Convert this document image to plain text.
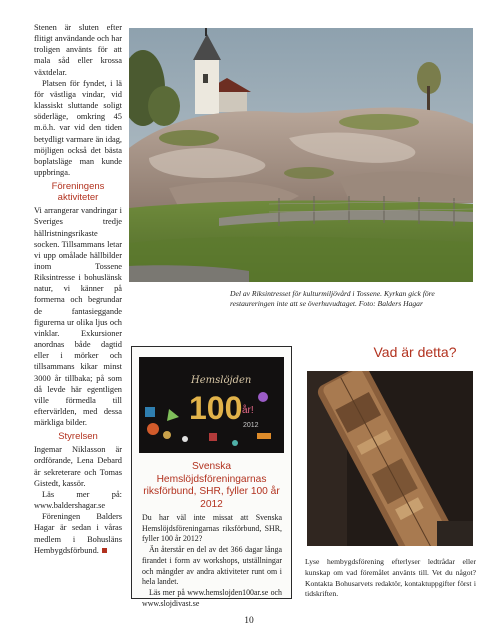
Stenen är sluten efter flitigt användande och har troligen använts för att mala såd eller krossa växtdelar.

Platsen för fyndet, i lä för västliga vindar, vid klassiskt sluttande soligt söderläge, omkring 45 m.ö.h. var vid den tiden betydligt varmare än idag, möjligen också det bästa boplatsläge man kunde uppbringa.

Föreningens aktiviteter

Vi arrangerar vandringar i Sveriges tredje hällristningsrikaste socken. Tillsammans letar vi upp omålade hällbilder inom Tossene Riksintresse i bohuslänsk natur, vi känner på formerna och begrundar de fantasieggande figurerna ur olika ljus och vinklar. Exkursioner anordnas både dagtid eller i mörker och tillsammans kikar minst 3000 år tillbaka; på som då levde här egentligen ville förmedla till eftervärlden, med dessa märkliga bilder.

Styrelsen

Ingemar Niklasson är ordförande, Lena Debard är sekreterare och Tomas Gistedt, kassör.

Läs mer på: www.baldershagar.se

Föreningen Balders Hagar är sedan i våras medlem i Bohusläns Hembygdsförbund.

Del av Riksintresset för kulturmiljövård i Tossene. Kyrkan gick före restaureringen inte att se överhuvudtaget. Foto: Balders Hagar
Hemslöjden
100 år!
2012
Svenska Hemslöjdsföreningarnas riksförbund, SHR, fyller 100 år 2012

Du har väl inte missat att Svenska Hemslöjdsföreningarnas riksförbund, SHR, fyller 100 år 2012?

Än återstår en del av det 366 dagar långa firandet i form av workshops, utställningar och mängder av andra aktiviteter runt om i hela landet.

Läs mer på www.hemslojden100ar.se och www.slojdivast.se

Vad är detta?
Lyse hembygdsförening efterlyser ledtrådar eller kunskap om vad föremålet använts till. Vet du något? Kontakta Bohusarvets redaktör, kontaktuppgifter först i tidskriften.
10
